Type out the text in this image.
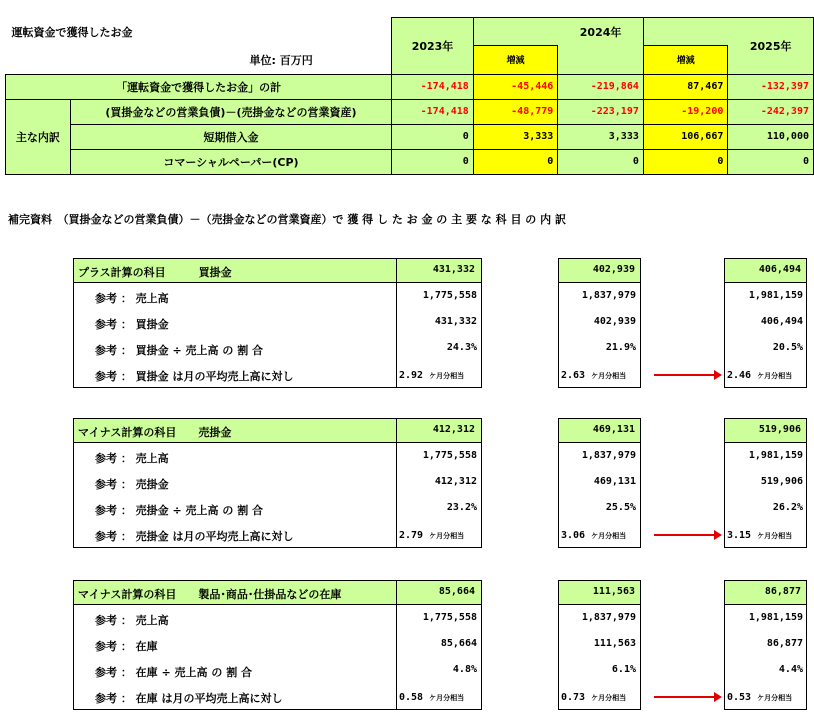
運転資金で獲得したお金
単位: 百万円		2023年		2024年		2025年
			増減		増減	
「運転資金で獲得したお金」の計		-174,418	-45,446	-219,864	87,467	-132,397
主な内訳	(買掛金などの営業負債)－(売掛金などの営業資産)	-174,418	-48,779	-223,197	-19,200	-242,397
	短期借入金	0	3,333	3,333	106,667	110,000
	コマーシャルペーパー(CP)	0	0	0	0	0
補完資料　（買掛金などの営業負債）－（売掛金などの営業資産）で 獲 得 し た お 金 の 主 要 な 科 目 の 内 訳
プラス計算の科目　　　買掛金	431,332	402,939	406,494
参考 ： 売上高	1,775,558	1,837,979	1,981,159
参考 ： 買掛金	431,332	402,939	406,494
参考 ： 買掛金 ÷ 売上高 の 割 合	24.3%	21.9%	20.5%
参考 ： 買掛金 は月の平均売上高に対し	2.92 ケ月分相当	2.63 ケ月分相当	2.46 ケ月分相当
マイナス計算の科目　　売掛金	412,312	469,131	519,906
参考 ： 売上高	1,775,558	1,837,979	1,981,159
参考 ： 売掛金	412,312	469,131	519,906
参考 ： 売掛金 ÷ 売上高 の 割 合	23.2%	25.5%	26.2%
参考 ： 売掛金 は月の平均売上高に対し	2.79 ケ月分相当	3.06 ケ月分相当	3.15 ケ月分相当
マイナス計算の科目　　製品･商品･仕掛品などの在庫	85,664	111,563	86,877
参考 ： 売上高	1,775,558	1,837,979	1,981,159
参考 ： 在庫	85,664	111,563	86,877
参考 ： 在庫 ÷ 売上高 の 割 合	4.8%	6.1%	4.4%
参考 ： 在庫 は月の平均売上高に対し	0.58 ケ月分相当	0.73 ケ月分相当	0.53 ケ月分相当
